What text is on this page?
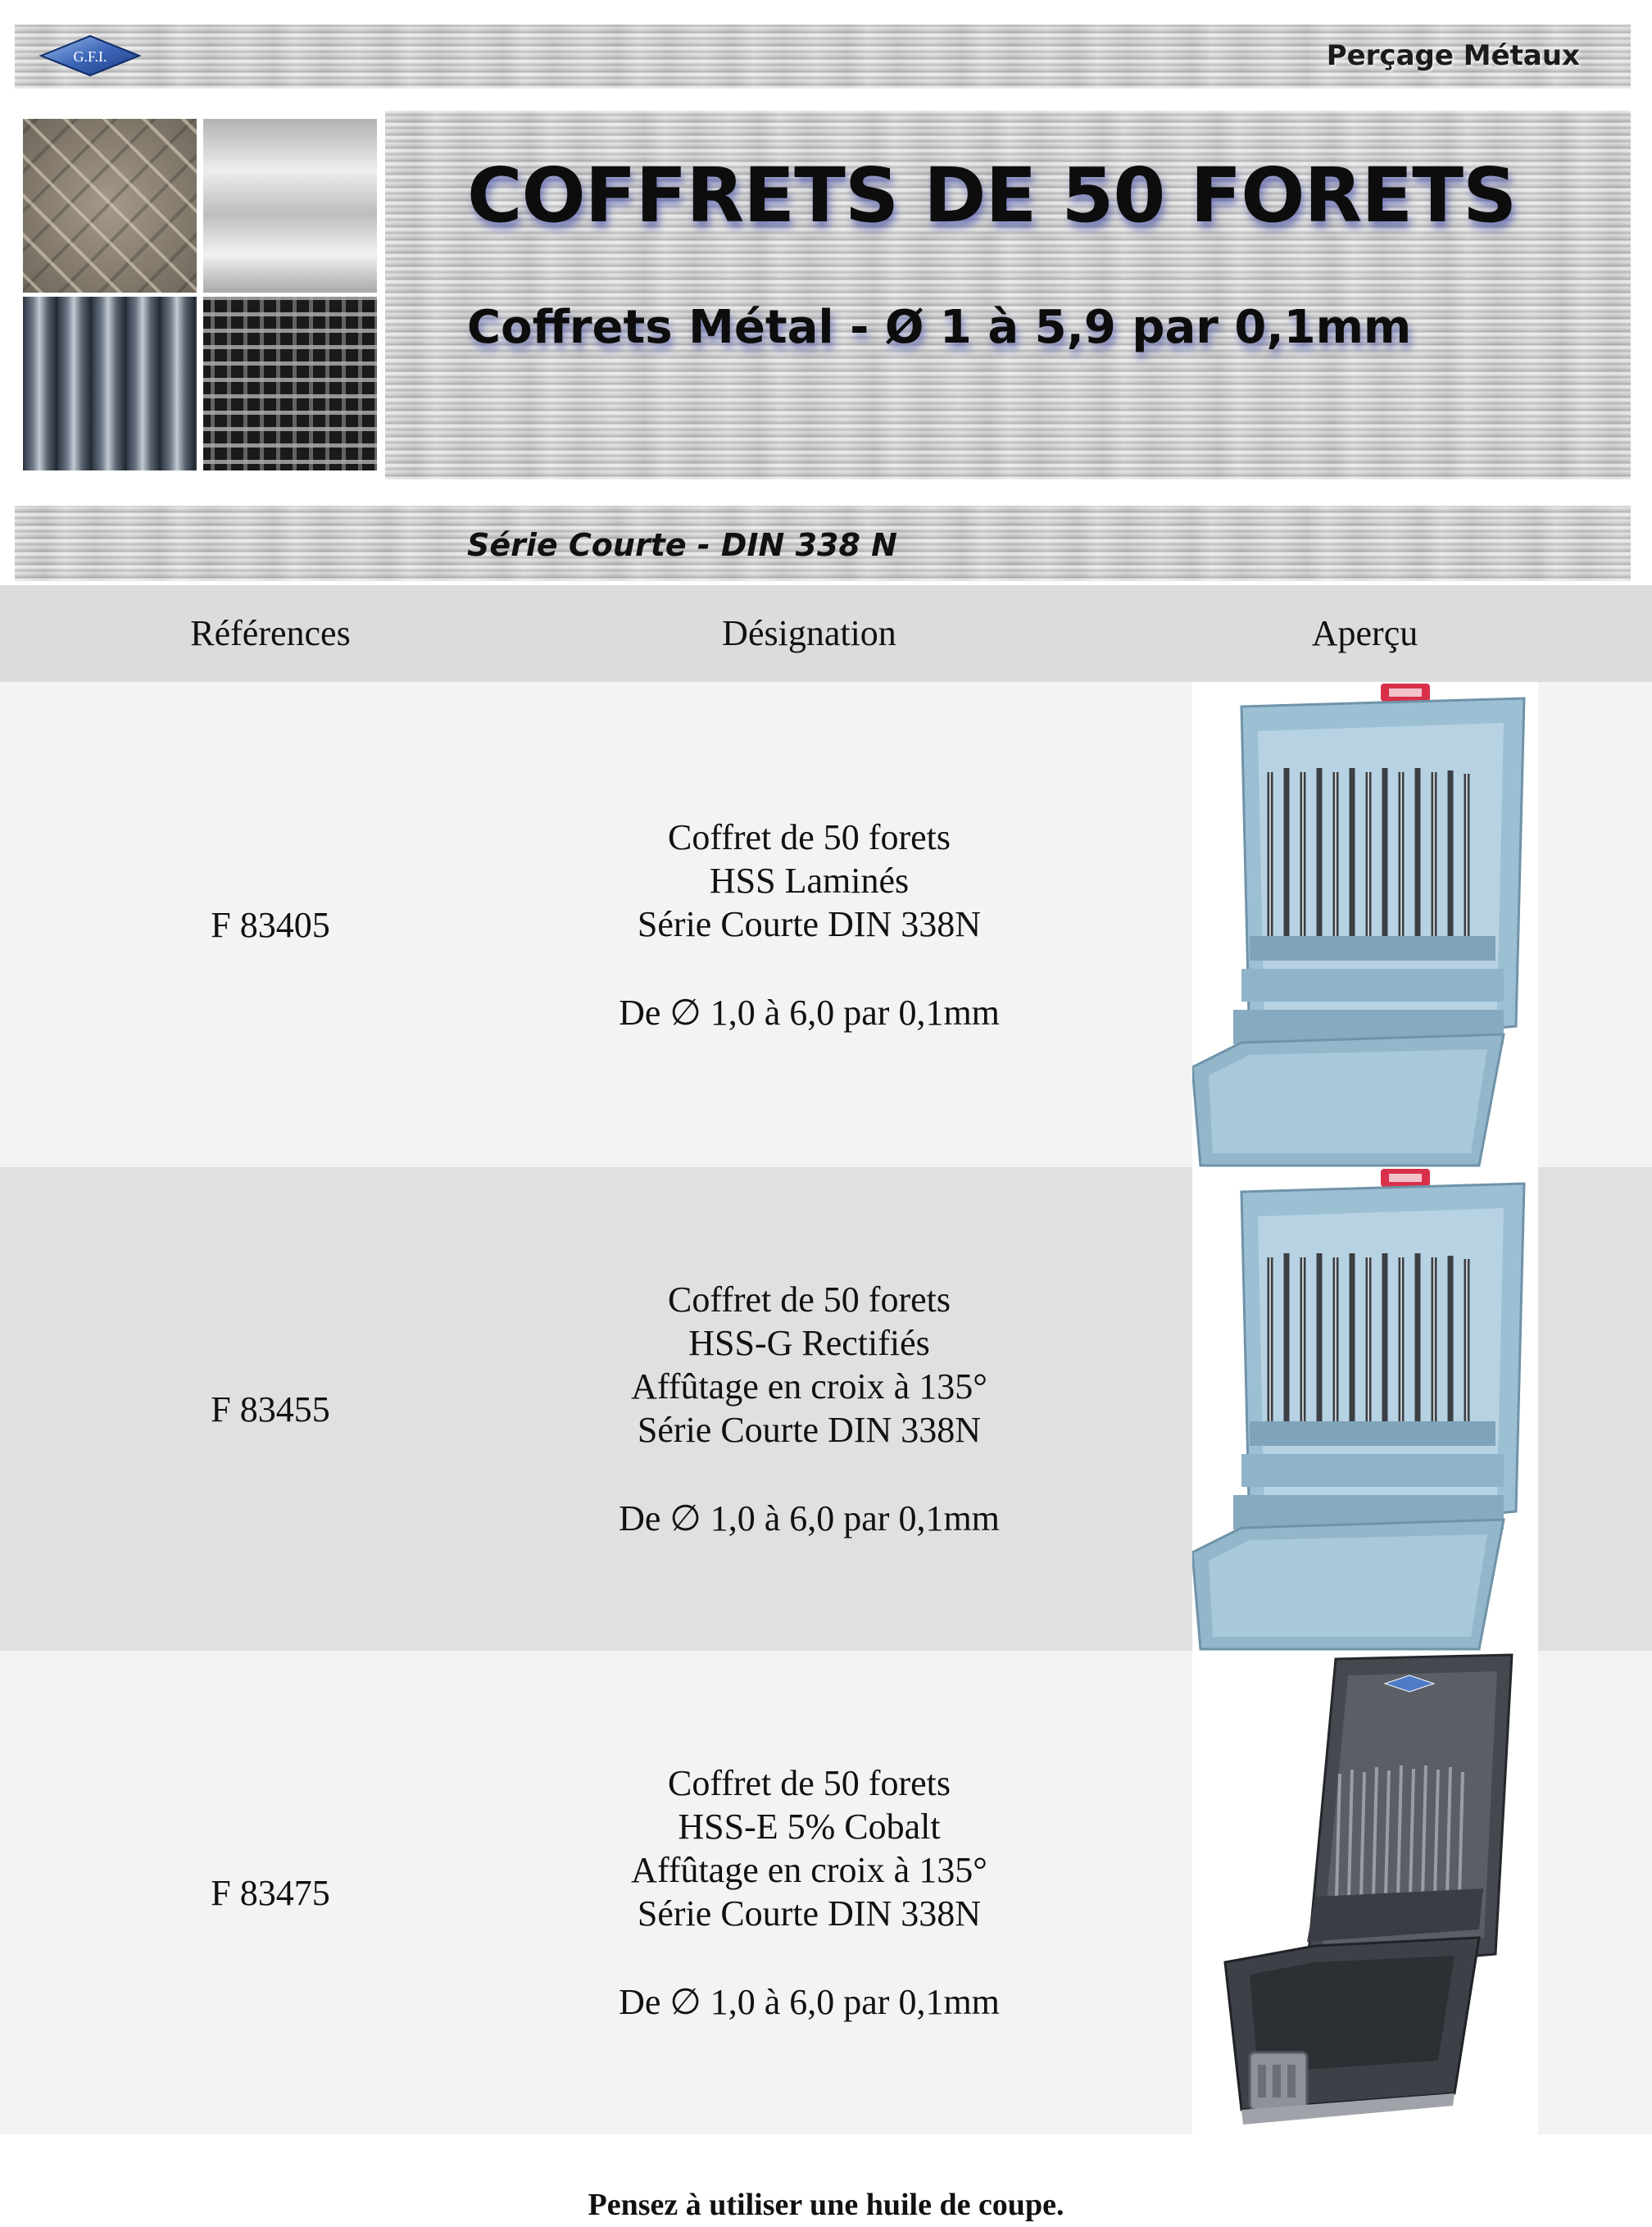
G.F.I.	Perçage Métaux
COFFRETS DE 50 FORETS
Coffrets Métal - Ø 1 à 5,9 par 0,1mm
Série Courte - DIN 338 N
Références	Désignation	Aperçu
F 83405
Coffret de 50 forets
HSS Laminés
Série Courte DIN 338N
De ∅ 1,0 à 6,0 par 0,1mm
F 83455
Coffret de 50 forets
HSS-G Rectifiés
Affûtage en croix à 135°
Série Courte DIN 338N
De ∅ 1,0 à 6,0 par 0,1mm
F 83475
Coffret de 50 forets
HSS-E 5% Cobalt
Affûtage en croix à 135°
Série Courte DIN 338N
De ∅ 1,0 à 6,0 par 0,1mm
Pensez à utiliser une huile de coupe.
